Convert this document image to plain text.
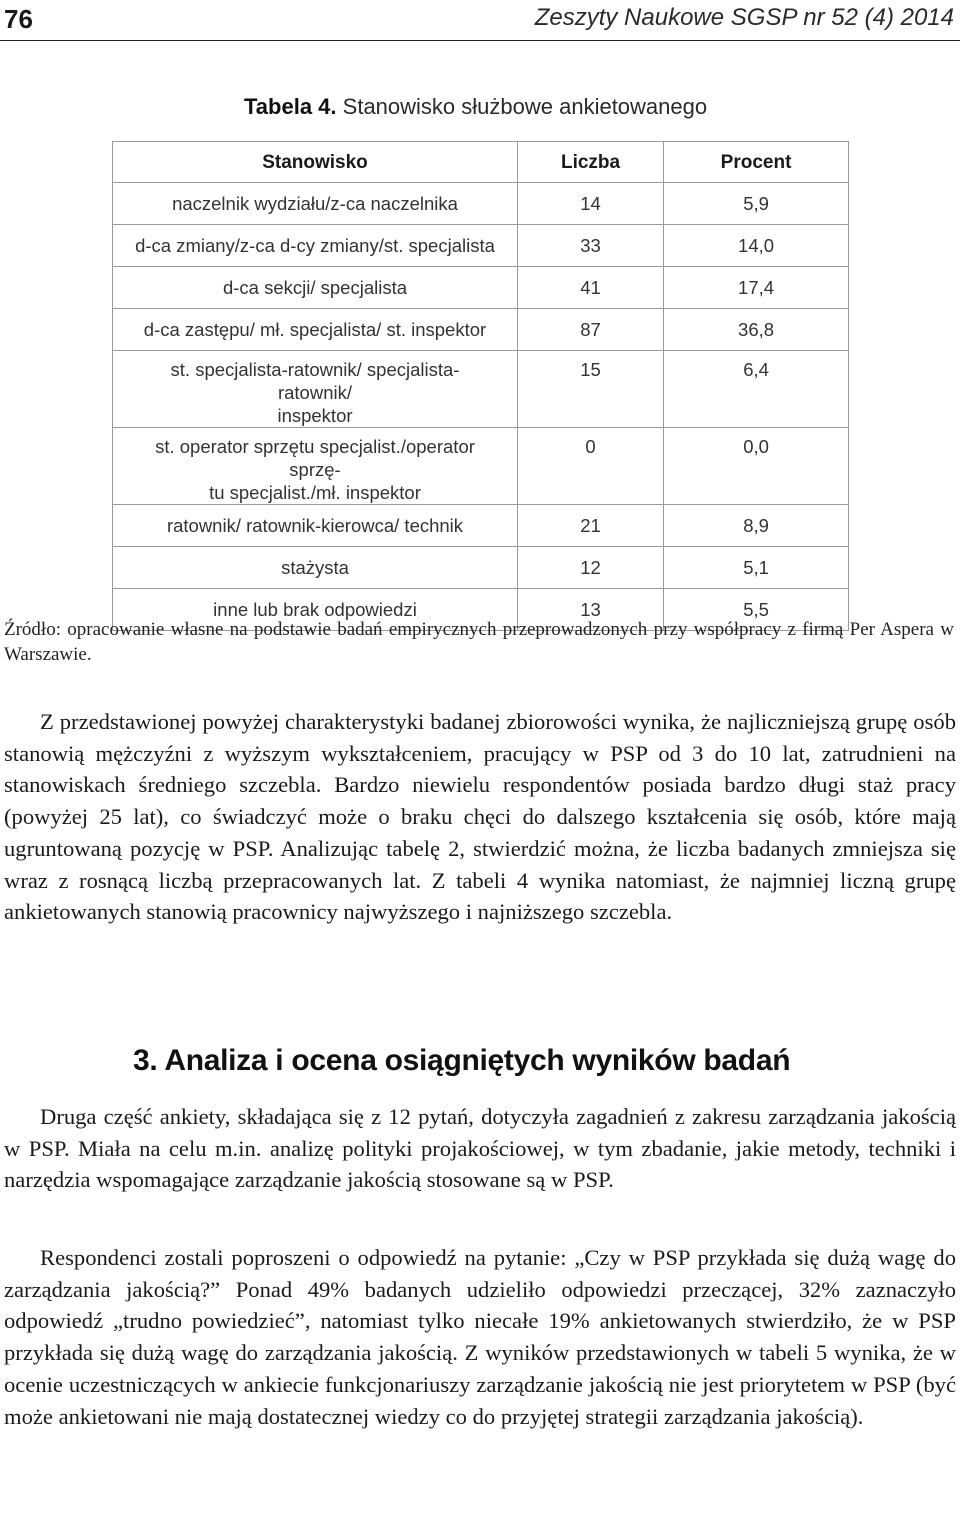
76	Zeszyty Naukowe SGSP nr 52 (4) 2014
Tabela 4. Stanowisko służbowe ankietowanego
Stanowisko	Liczba	Procent
naczelnik wydziału/z-ca naczelnika	14	5,9
d-ca zmiany/z-ca d-cy zmiany/st. specjalista	33	14,0
d-ca sekcji/ specjalista	41	17,4
d-ca zastępu/ mł. specjalista/ st. inspektor	87	36,8

st. specjalista-ratownik/ specjalista-ratownik/
inspektor	15	6,4

st. operator sprzętu specjalist./operator sprzę-
tu specjalist./mł. inspektor	0	0,0
ratownik/ ratownik-kierowca/ technik	21	8,9
stażysta	12	5,1
inne lub brak odpowiedzi	13	5,5
Źródło: opracowanie własne na podstawie badań empirycznych przeprowadzonych przy współpracy z firmą Per Aspera w Warszawie.

Z przedstawionej powyżej charakterystyki badanej zbiorowości wynika, że najliczniejszą grupę osób stanowią mężczyźni z wyższym wykształceniem, pracujący w PSP od 3 do 10 lat, zatrudnieni na stanowiskach średniego szczebla. Bardzo niewielu respondentów posiada bardzo długi staż pracy (powyżej 25 lat), co świadczyć może o braku chęci do dalszego kształcenia się osób, które mają ugruntowaną pozycję w PSP. Analizując tabelę 2, stwierdzić można, że liczba badanych zmniejsza się wraz z rosnącą liczbą przepracowanych lat. Z tabeli 4 wynika natomiast, że najmniej liczną grupę ankietowanych stanowią pracownicy najwyższego i najniższego szczebla.

3. Analiza i ocena osiągniętych wyników badań

Druga część ankiety, składająca się z 12 pytań, dotyczyła zagadnień z zakresu zarządzania jakością w PSP. Miała na celu m.in. analizę polityki projakościowej, w tym zbadanie, jakie metody, techniki i narzędzia wspomagające zarządzanie jakością stosowane są w PSP.

Respondenci zostali poproszeni o odpowiedź na pytanie: „Czy w PSP przykłada się dużą wagę do zarządzania jakością?” Ponad 49% badanych udzieliło odpowiedzi przeczącej, 32% zaznaczyło odpowiedź „trudno powiedzieć”, natomiast tylko niecałe 19% ankietowanych stwierdziło, że w PSP przykłada się dużą wagę do zarządzania jakością. Z wyników przedstawionych w tabeli 5 wynika, że w ocenie uczestniczących w ankiecie funkcjonariuszy zarządzanie jakością nie jest priorytetem w PSP (być może ankietowani nie mają dostatecznej wiedzy co do przyjętej strategii zarządzania jakością).
